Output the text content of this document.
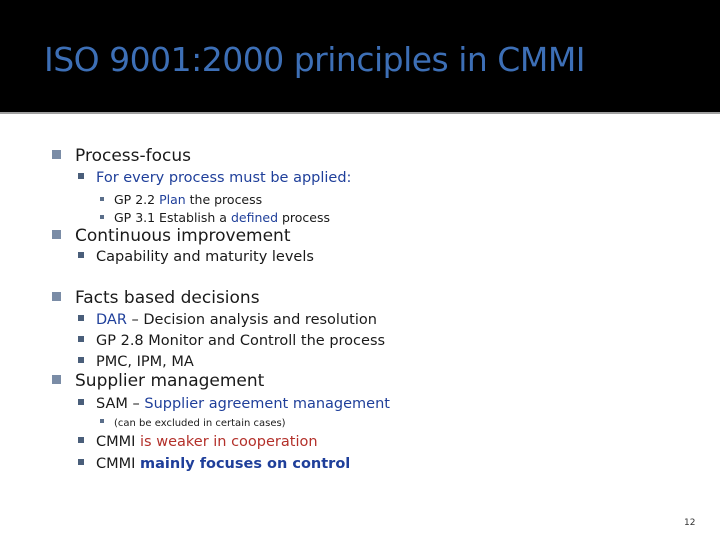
ISO 9001:2000 principles in CMMI
Process-focus
For every process must be applied:
GP 2.2 Plan the process
GP 3.1 Establish a defined process
Continuous improvement
Capability and maturity levels
Facts based decisions
DAR – Decision analysis and resolution
GP 2.8 Monitor and Controll the process
PMC, IPM, MA
Supplier management
SAM – Supplier agreement management
(can be excluded in certain cases)
CMMI is weaker in cooperation
CMMI mainly focuses on control
12
